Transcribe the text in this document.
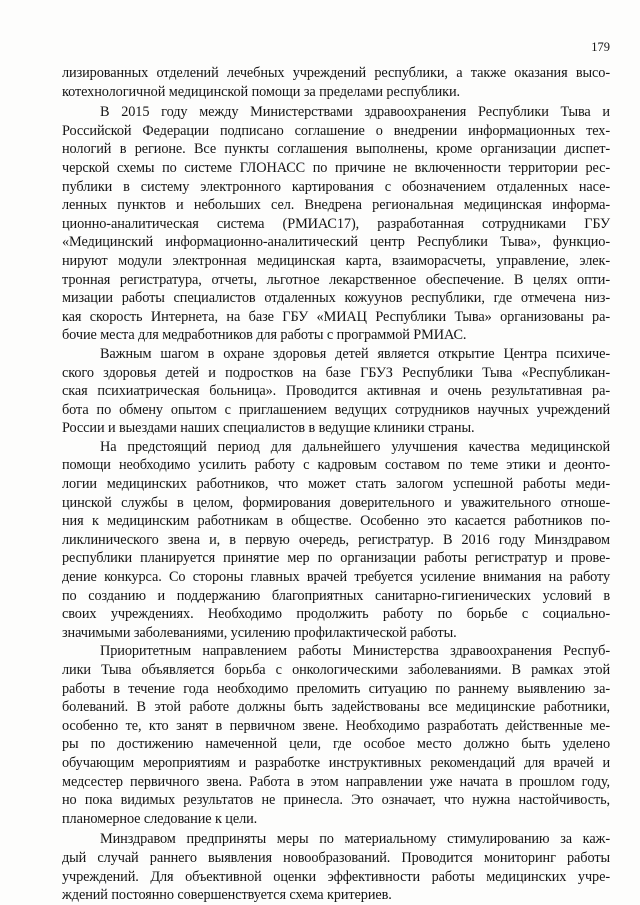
179
лизированных отделений лечебных учреждений республики, а также оказания высо-
котехнологичной медицинской помощи за пределами республики.
В 2015 году между Министерствами здравоохранения Республики Тыва и
Российской Федерации подписано соглашение о внедрении информационных тех-
нологий в регионе. Все пункты соглашения выполнены, кроме организации диспет-
черской схемы по системе ГЛОНАСС по причине не включенности территории рес-
публики в систему электронного картирования с обозначением отдаленных насе-
ленных пунктов и небольших сел. Внедрена региональная медицинская информа-
ционно-аналитическая система (РМИАС17), разработанная сотрудниками ГБУ
«Медицинский информационно-аналитический центр Республики Тыва», функцио-
нируют модули электронная медицинская карта, взаиморасчеты, управление, элек-
тронная регистратура, отчеты, льготное лекарственное обеспечение. В целях опти-
мизации работы специалистов отдаленных кожуунов республики, где отмечена низ-
кая скорость Интернета, на базе ГБУ «МИАЦ Республики Тыва» организованы ра-
бочие места для медработников для работы с программой РМИАС.
Важным шагом в охране здоровья детей является открытие Центра психиче-
ского здоровья детей и подростков на базе ГБУЗ Республики Тыва «Республикан-
ская психиатрическая больница». Проводится активная и очень результативная ра-
бота по обмену опытом с приглашением ведущих сотрудников научных учреждений
России и выездами наших специалистов в ведущие клиники страны.
На предстоящий период для дальнейшего улучшения качества медицинской
помощи необходимо усилить работу с кадровым составом по теме этики и деонто-
логии медицинских работников, что может стать залогом успешной работы меди-
цинской службы в целом, формирования доверительного и уважительного отноше-
ния к медицинским работникам в обществе. Особенно это касается работников по-
ликлинического звена и, в первую очередь, регистратур. В 2016 году Минздравом
республики планируется принятие мер по организации работы регистратур и прове-
дение конкурса. Со стороны главных врачей требуется усиление внимания на работу
по созданию и поддержанию благоприятных санитарно-гигиенических условий в
своих учреждениях. Необходимо продолжить работу по борьбе с социально-
значимыми заболеваниями, усилению профилактической работы.
Приоритетным направлением работы Министерства здравоохранения Респуб-
лики Тыва объявляется борьба с онкологическими заболеваниями. В рамках этой
работы в течение года необходимо преломить ситуацию по раннему выявлению за-
болеваний. В этой работе должны быть задействованы все медицинские работники,
особенно те, кто занят в первичном звене. Необходимо разработать действенные ме-
ры по достижению намеченной цели, где особое место должно быть уделено
обучающим мероприятиям и разработке инструктивных рекомендаций для врачей и
медсестер первичного звена. Работа в этом направлении уже начата в прошлом году,
но пока видимых результатов не принесла. Это означает, что нужна настойчивость,
планомерное следование к цели.
Минздравом предприняты меры по материальному стимулированию за каж-
дый случай раннего выявления новообразований. Проводится мониторинг работы
учреждений. Для объективной оценки эффективности работы медицинских учре-
ждений постоянно совершенствуется схема критериев.
